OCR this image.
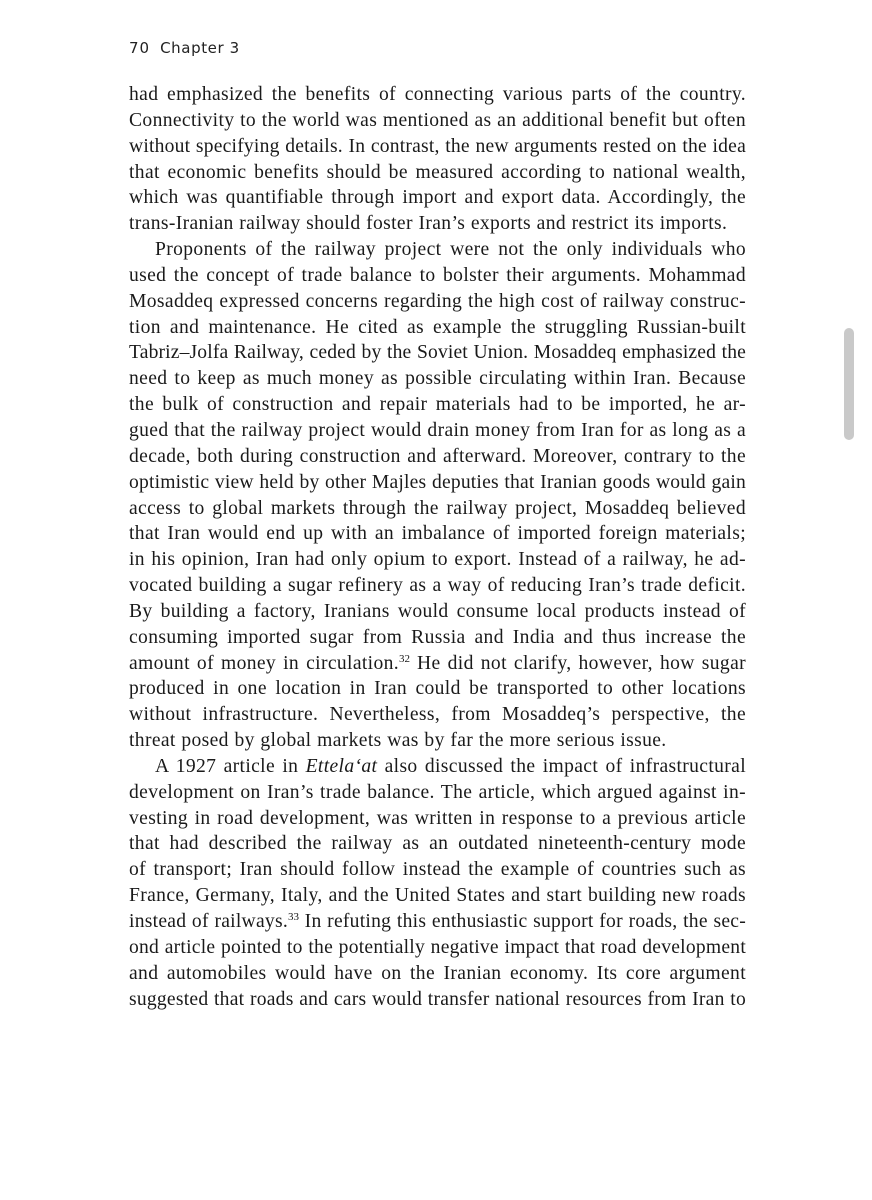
70 Chapter 3

had emphasized the benefits of connecting various parts of the country.
Connectivity to the world was mentioned as an additional benefit but often
without specifying details. In contrast, the new arguments rested on the idea
that economic benefits should be measured according to national wealth,
which was quantifiable through import and export data. Accordingly, the
trans-Iranian railway should foster Iran’s exports and restrict its imports.

Proponents of the railway project were not the only individuals who
used the concept of trade balance to bolster their arguments. Mohammad
Mosaddeq expressed concerns regarding the high cost of railway construc-
tion and maintenance. He cited as example the struggling Russian-built
Tabriz–Jolfa Railway, ceded by the Soviet Union. Mosaddeq emphasized the
need to keep as much money as possible circulating within Iran. Because
the bulk of construction and repair materials had to be imported, he ar-
gued that the railway project would drain money from Iran for as long as a
decade, both during construction and afterward. Moreover, contrary to the
optimistic view held by other Majles deputies that Iranian goods would gain
access to global markets through the railway project, Mosaddeq believed
that Iran would end up with an imbalance of imported foreign materials;
in his opinion, Iran had only opium to export. Instead of a railway, he ad-
vocated building a sugar refinery as a way of reducing Iran’s trade deficit.
By building a factory, Iranians would consume local products instead of
consuming imported sugar from Russia and India and thus increase the
amount of money in circulation.$^{32}$ He did not clarify, however, how sugar
produced in one location in Iran could be transported to other locations
without infrastructure. Nevertheless, from Mosaddeq’s perspective, the
threat posed by global markets was by far the more serious issue.

A 1927 article in Ettela‘at also discussed the impact of infrastructural
development on Iran’s trade balance. The article, which argued against in-
vesting in road development, was written in response to a previous article
that had described the railway as an outdated nineteenth-century mode
of transport; Iran should follow instead the example of countries such as
France, Germany, Italy, and the United States and start building new roads
instead of railways.$^{33}$ In refuting this enthusiastic support for roads, the sec-
ond article pointed to the potentially negative impact that road development
and automobiles would have on the Iranian economy. Its core argument
suggested that roads and cars would transfer national resources from Iran to
